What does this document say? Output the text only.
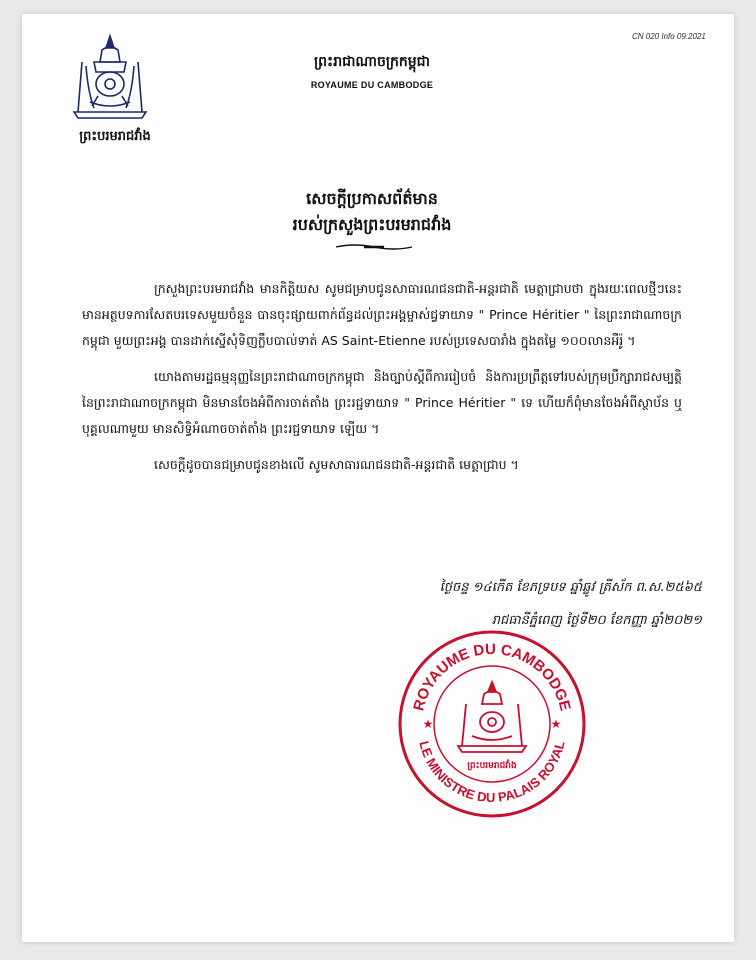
CN 020 Info 09.2021
ព្រះបរមរាជវាំង
ព្រះរាជាណាចក្រកម្ពុជា
ROYAUME DU CAMBODGE
សេចក្ដីប្រកាសព័ត៌មាន
របស់ក្រសួងព្រះបរមរាជវាំង

ក្រសួងព្រះបរមរាជវាំង មានកិត្តិយស សូមជម្រាបជូនសាធារណជនជាតិ-អន្តរជាតិ មេត្តាជ្រាបថា ក្នុងរយៈពេលថ្មីៗនេះមានអត្ថបទការសែតបរទេសមួយចំនួន បានចុះផ្សាយពាក់ព័ន្ធដល់ព្រះអង្គម្ចាស់ជ្វទាយាទ " Prince Héritier " នៃព្រះរាជាណាចក្រកម្ពុជា មួយព្រះអង្គ បានដាក់ស្នើសុំទិញក្លឹបបាល់ទាត់ AS Saint-Etienne របស់ប្រទេសបារាំង ក្នុងតម្លៃ ១០០លានអឺរ៉ូ ។

យោងតាមរដ្ឋធម្មនុញ្ញនៃព្រះរាជាណាចក្រកម្ពុជា និងច្បាប់ស្ដីពីការរៀបចំ និងការប្រព្រឹត្តទៅរបស់ក្រុមប្រឹក្សារាជសម្បត្តិ នៃព្រះរាជាណាចក្រកម្ពុជា មិនមានចែងអំពីការចាត់តាំង ព្រះរជ្ជទាយាទ " Prince Héritier " ទេ ហើយក៏ពុំមានចែងអំពីស្ថាប័ន ឬបុគ្គលណាមួយ មានសិទ្ធិអំណាចចាត់តាំង ព្រះរជ្ជទាយាទ ឡើយ ។

សេចក្ដីដូចបានជម្រាបជូនខាងលើ សូមសាធារណជនជាតិ-អន្តរជាតិ មេត្តាជ្រាប ។

ថ្ងៃចន្ទ ១៤កើត ខែភទ្របទ ឆ្នាំឆ្លូវ ត្រីស័ក ព.ស.២៥៦៥
រាជធានីភ្នំពេញ ថ្ងៃទី២០ ខែកញ្ញា ឆ្នាំ២០២១
ROYAUME DU CAMBODGE
LE MINISTRE DU PALAIS ROYAL
ព្រះបរមរាជវាំង
★	★
